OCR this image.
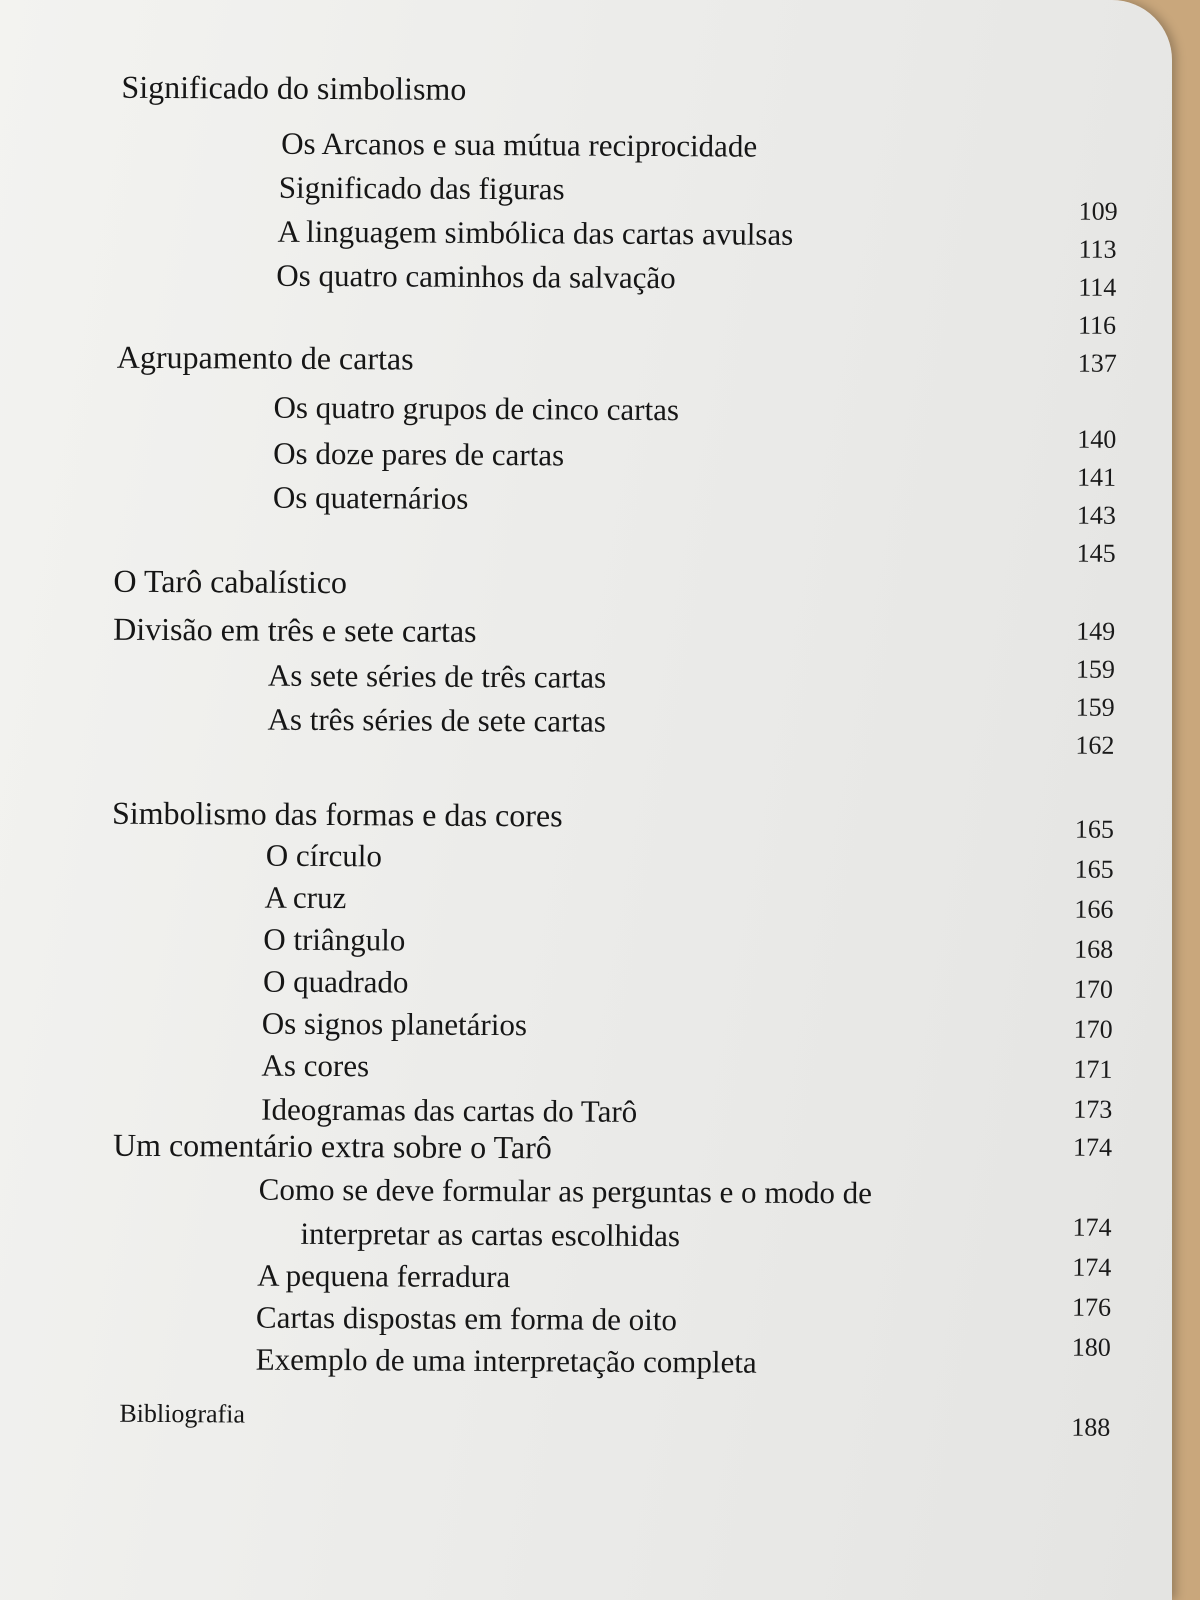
Significado do simbolismo
Os Arcanos e sua mútua reciprocidade
Significado das figuras
A linguagem simbólica das cartas avulsas
Os quatro caminhos da salvação
Agrupamento de cartas
Os quatro grupos de cinco cartas
Os doze pares de cartas
Os quaternários
O Tarô cabalístico
Divisão em três e sete cartas
As sete séries de três cartas
As três séries de sete cartas
Simbolismo das formas e das cores
O círculo
A cruz
O triângulo
O quadrado
Os signos planetários
As cores
Ideogramas das cartas do Tarô
Um comentário extra sobre o Tarô
Como se deve formular as perguntas e o modo de
interpretar as cartas escolhidas
A pequena ferradura
Cartas dispostas em forma de oito
Exemplo de uma interpretação completa
Bibliografia
109
113
114
116
137
140
141
143
145
149
159
159
162
165
165
166
168
170
170
171
173
174
174
174
176
180
188
